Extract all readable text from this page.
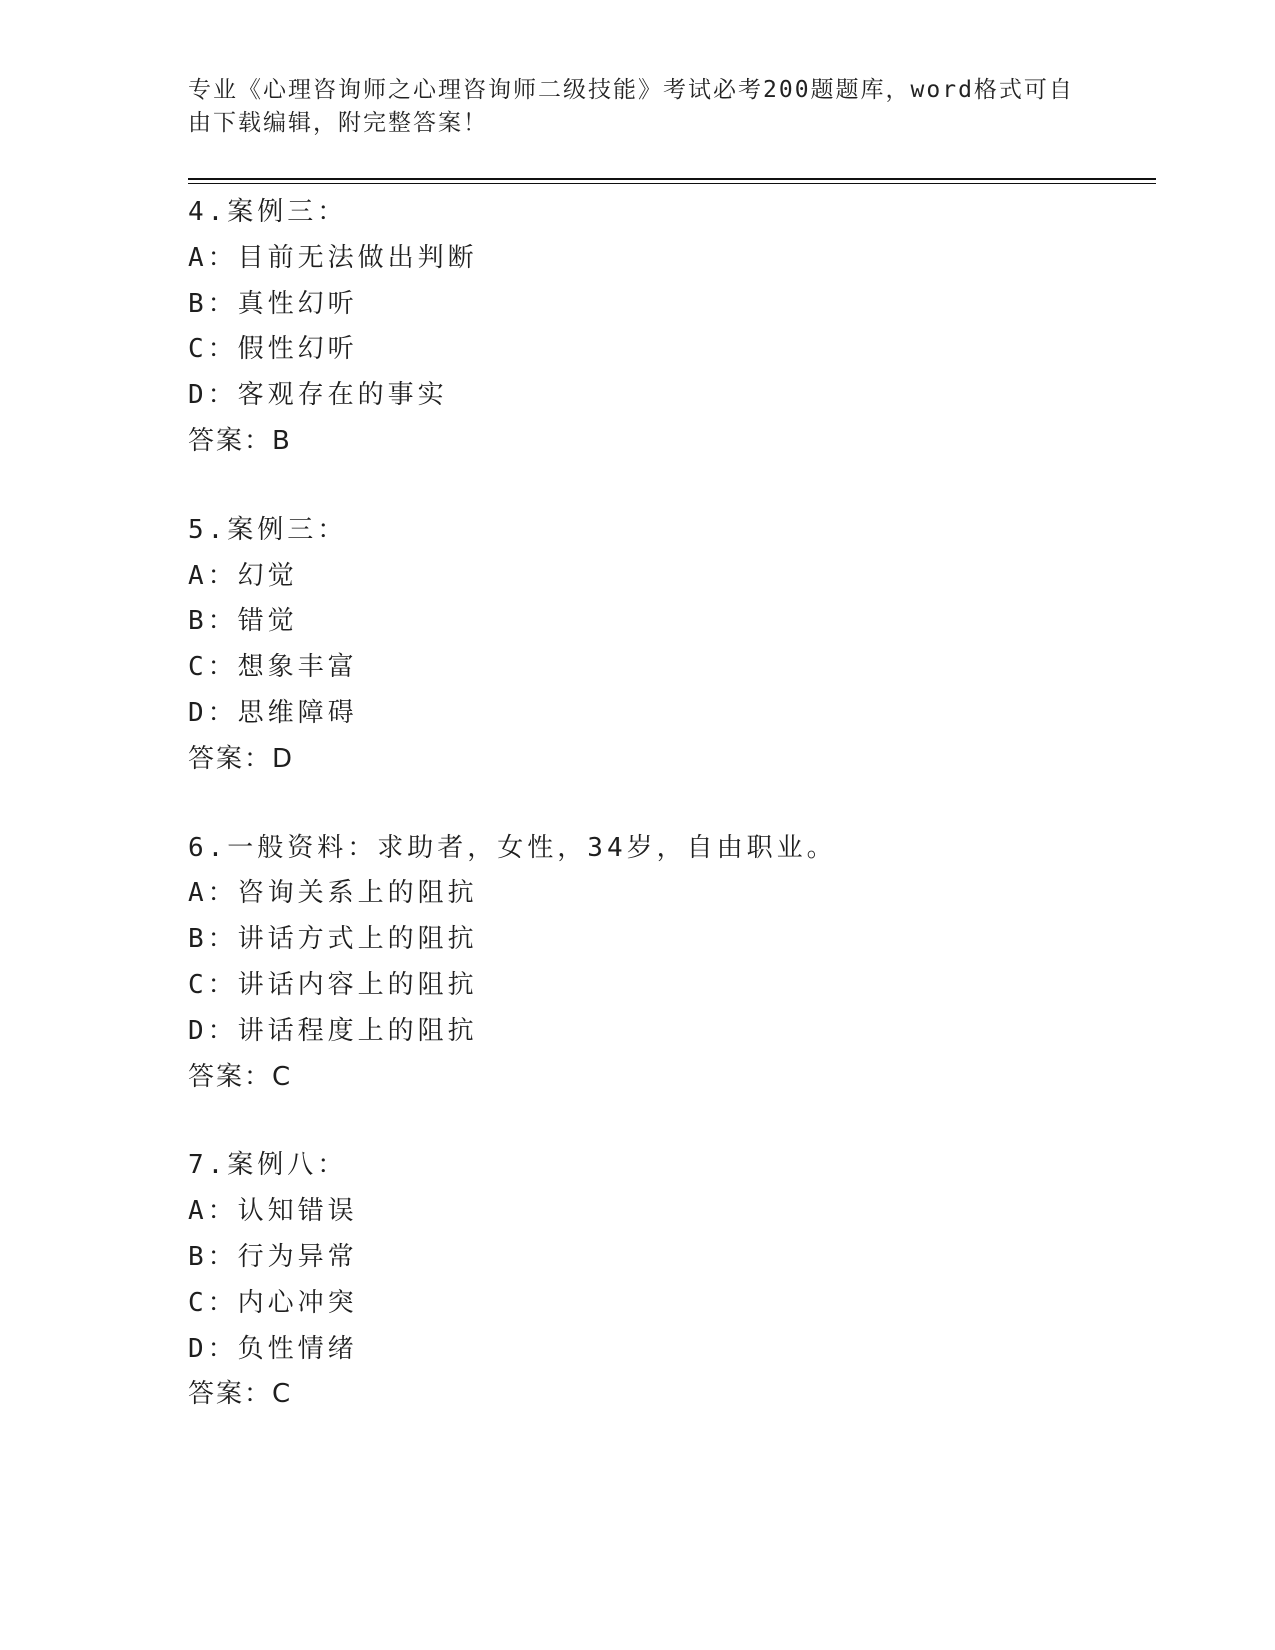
专业《心理咨询师之心理咨询师二级技能》考试必考200题题库，word格式可自
由下载编辑，附完整答案！
4.案例三：
A：目前无法做出判断
B：真性幻听
C：假性幻听
D：客观存在的事实
答案：B
5.案例三：
A：幻觉
B：错觉
C：想象丰富
D：思维障碍
答案：D
6.一般资料：求助者，女性，34岁，自由职业。
A：咨询关系上的阻抗
B：讲话方式上的阻抗
C：讲话内容上的阻抗
D：讲话程度上的阻抗
答案：C
7.案例八：
A：认知错误
B：行为异常
C：内心冲突
D：负性情绪
答案：C
